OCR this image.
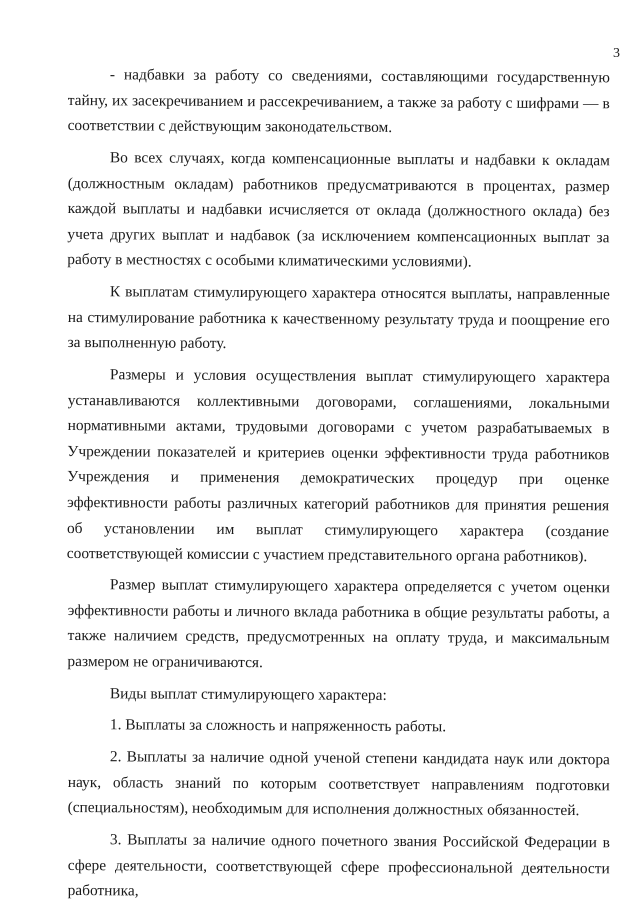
3

- надбавки за работу со сведениями, составляющими государственную тайну, их засекречиванием и рассекречиванием, а также за работу с шифрами — в соответствии с действующим законодательством.

Во всех случаях, когда компенсационные выплаты и надбавки к окладам (должностным окладам) работников предусматриваются в процентах, размер каждой выплаты и надбавки исчисляется от оклада (должностного оклада) без учета других выплат и надбавок (за исключением компенсационных выплат за работу в местностях с особыми климатическими условиями).

К выплатам стимулирующего характера относятся выплаты, направленные на стимулирование работника к качественному результату труда и поощрение его за выполненную работу.

Размеры и условия осуществления выплат стимулирующего характера устанавливаются коллективными договорами, соглашениями, локальными нормативными актами, трудовыми договорами с учетом разрабатываемых в Учреждении показателей и критериев оценки эффективности труда работников Учреждения и применения демократических процедур при оценке эффективности работы различных категорий работников для принятия решения об установлении им выплат стимулирующего характера (создание соответствующей комиссии с участием представительного органа работников).

Размер выплат стимулирующего характера определяется с учетом оценки эффективности работы и личного вклада работника в общие результаты работы, а также наличием средств, предусмотренных на оплату труда, и максимальным размером не ограничиваются.

Виды выплат стимулирующего характера:

1. Выплаты за сложность и напряженность работы.

2. Выплаты за наличие одной ученой степени кандидата наук или доктора наук, область знаний по которым соответствует направлениям подготовки (специальностям), необходимым для исполнения должностных обязанностей.

3. Выплаты за наличие одного почетного звания Российской Федерации в сфере деятельности, соответствующей сфере профессиональной деятельности работника,
